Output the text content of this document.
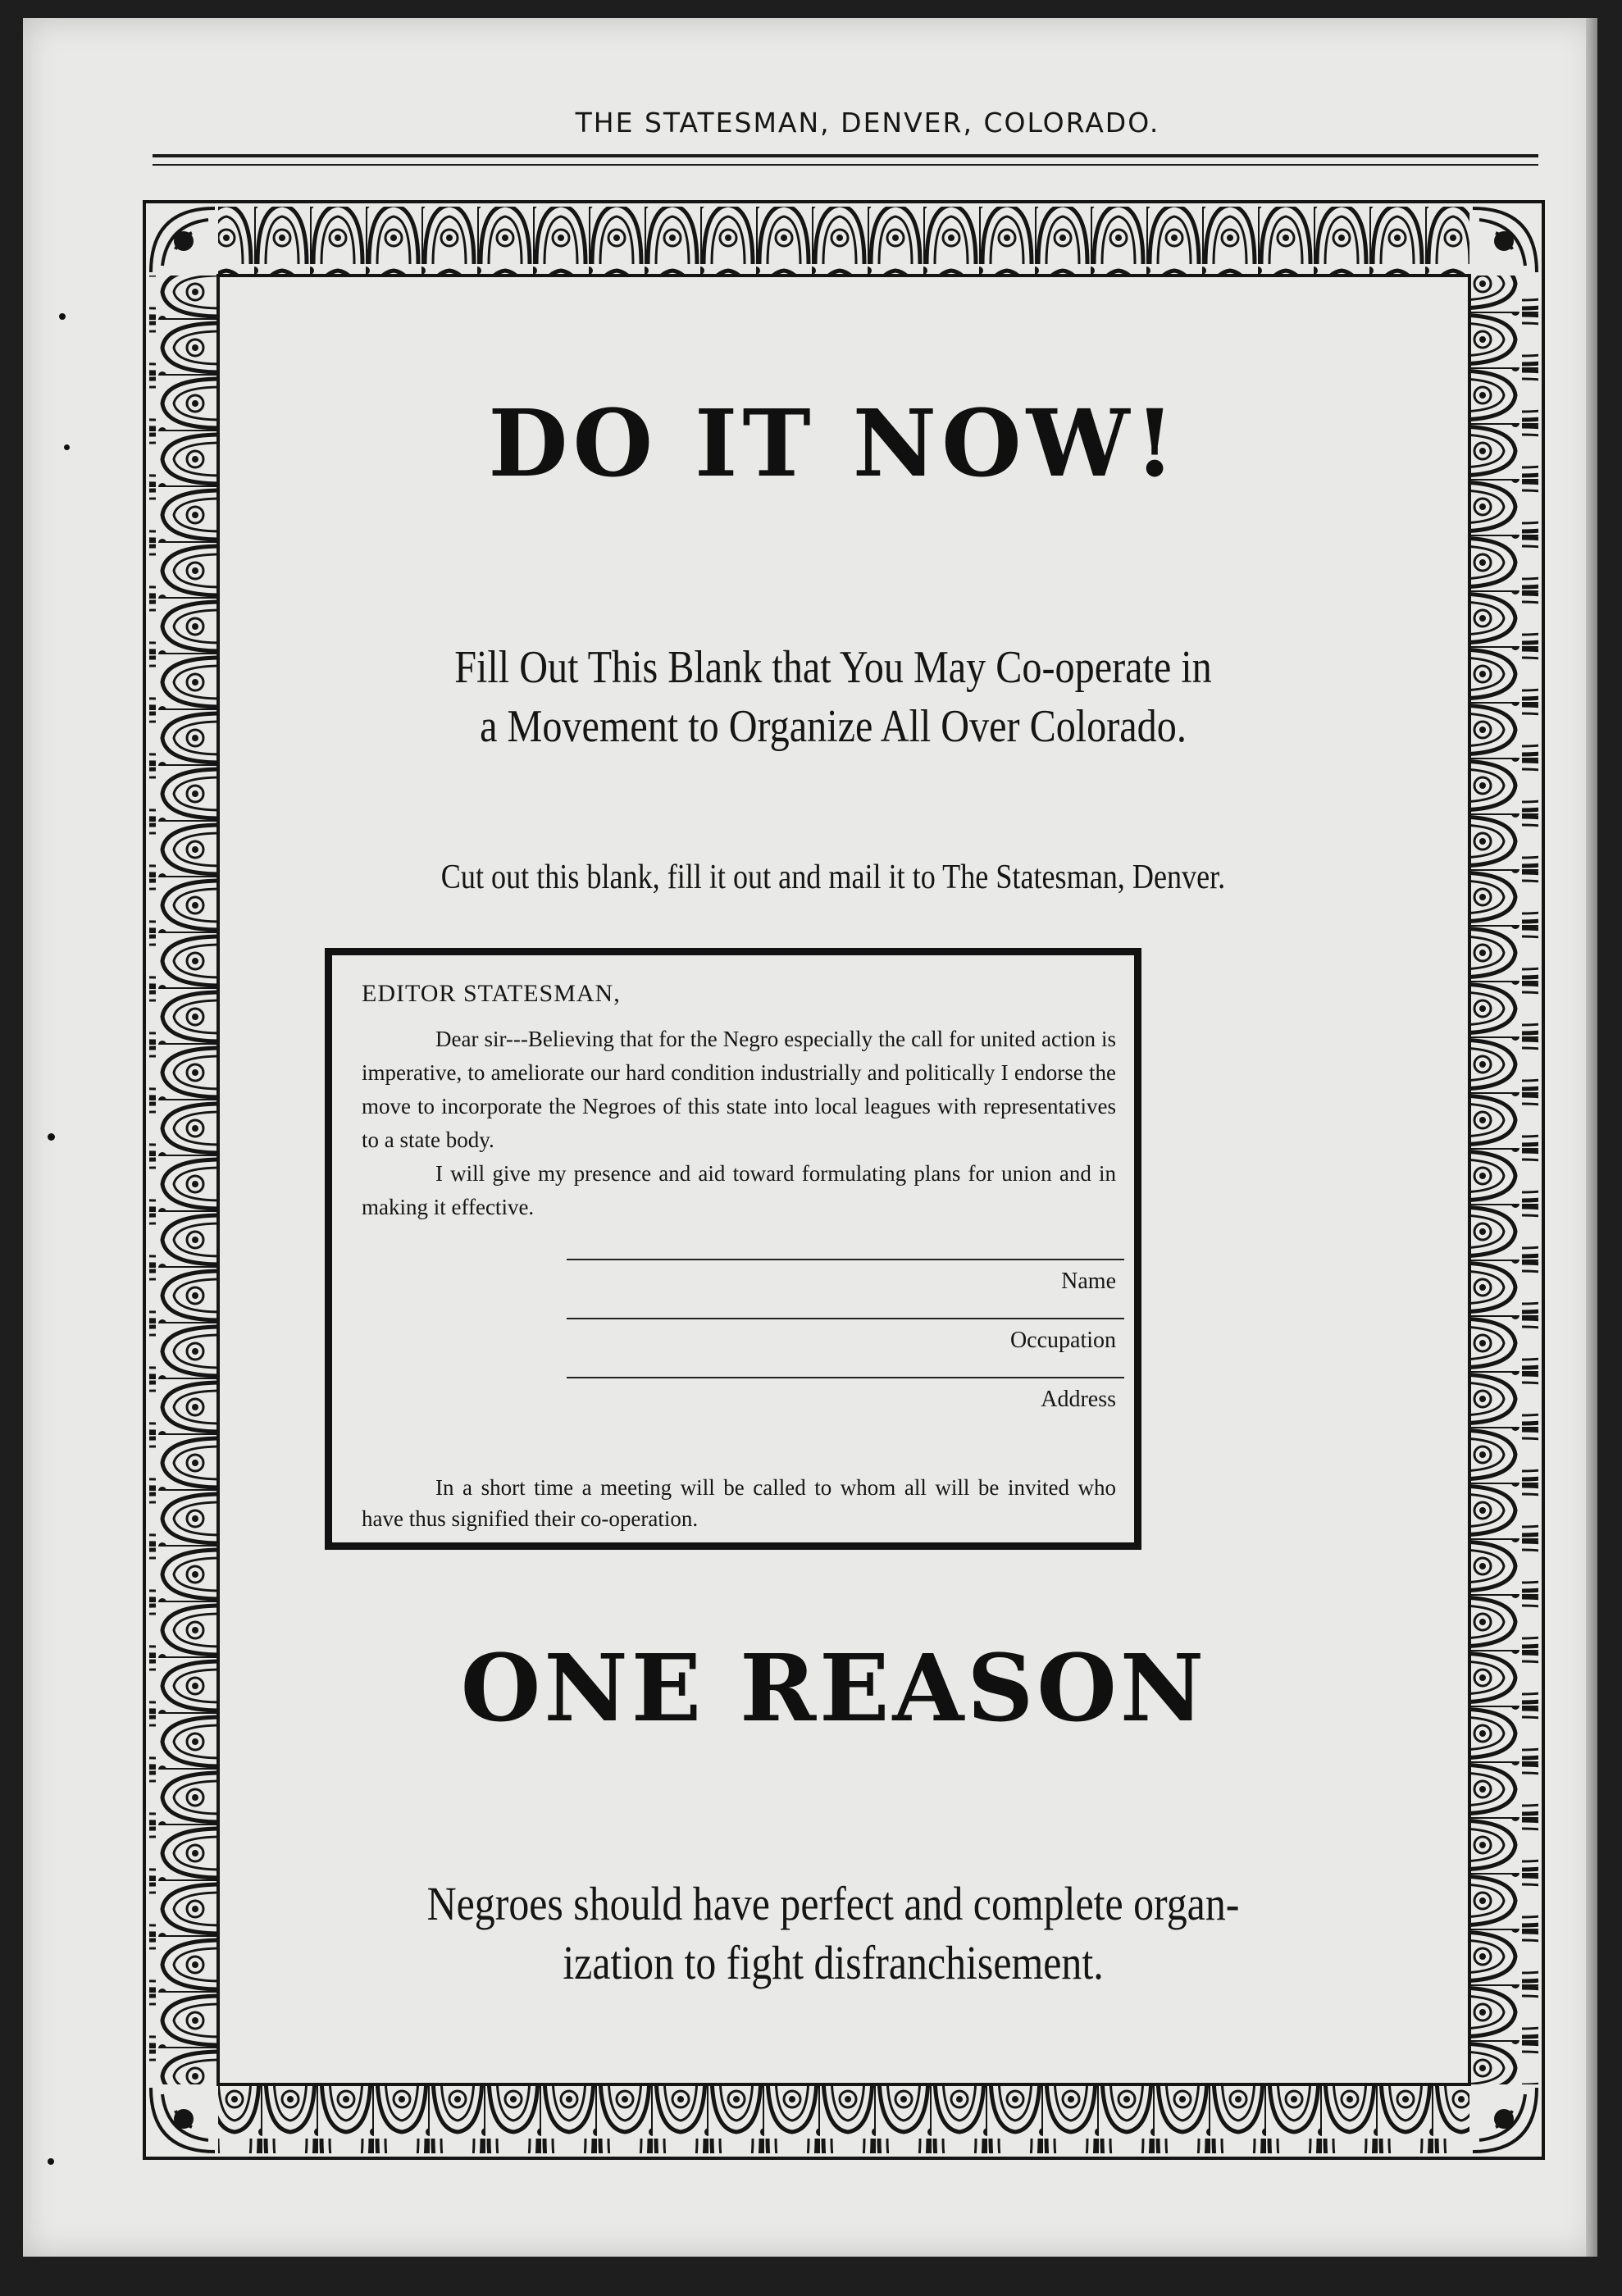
THE STATESMAN, DENVER, COLORADO.
DO IT NOW!
Fill Out This Blank that You May Co-operate in
a Movement to Organize All Over Colorado.
Cut out this blank, fill it out and mail it to The Statesman, Denver.
EDITOR STATESMAN,

Dear sir---Believing that for the Negro especially the call for united action is imperative, to ameliorate our hard condition industrially and politically I endorse the move to incorporate the Negroes of this state into local leagues with representatives to a state body.

I will give my presence and aid toward formulating plans for union and in making it effective.

Name
Occupation
Address

In a short time a meeting will be called to whom all will be invited who have thus signified their co-operation.

ONE REASON
Negroes should have perfect and complete organ-
ization to fight disfranchisement.
